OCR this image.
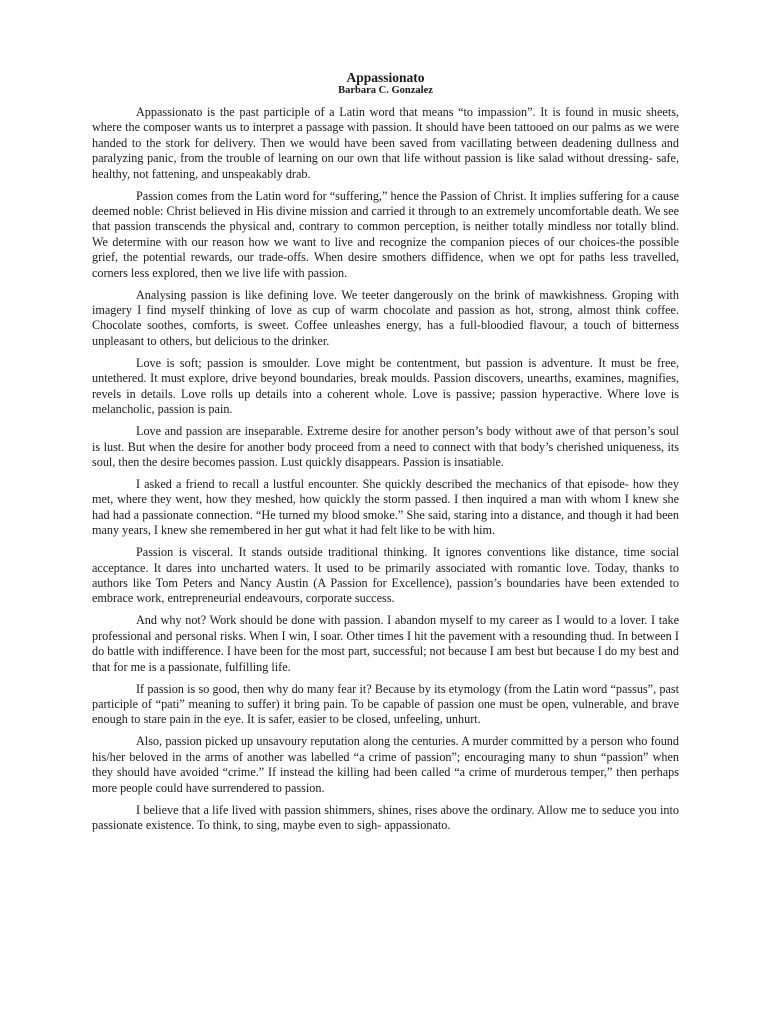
Appassionato
Barbara C. Gonzalez

Appassionato is the past participle of a Latin word that means “to impassion”. It is found in music sheets, where the composer wants us to interpret a passage with passion. It should have been tattooed on our palms as we were handed to the stork for delivery. Then we would have been saved from vacillating between deadening dullness and paralyzing panic, from the trouble of learning on our own that life without passion is like salad without dressing- safe, healthy, not fattening, and unspeakably drab.

Passion comes from the Latin word for “suffering,” hence the Passion of Christ. It implies suffering for a cause deemed noble: Christ believed in His divine mission and carried it through to an extremely uncomfortable death. We see that passion transcends the physical and, contrary to common perception, is neither totally mindless nor totally blind. We determine with our reason how we want to live and recognize the companion pieces of our choices-the possible grief, the potential rewards, our trade-offs. When desire smothers diffidence, when we opt for paths less travelled, corners less explored, then we live life with passion.

Analysing passion is like defining love. We teeter dangerously on the brink of mawkishness. Groping with imagery I find myself thinking of love as cup of warm chocolate and passion as hot, strong, almost think coffee. Chocolate soothes, comforts, is sweet. Coffee unleashes energy, has a full-bloodied flavour, a touch of bitterness unpleasant to others, but delicious to the drinker.

Love is soft; passion is smoulder. Love might be contentment, but passion is adventure. It must be free, untethered. It must explore, drive beyond boundaries, break moulds. Passion discovers, unearths, examines, magnifies, revels in details. Love rolls up details into a coherent whole. Love is passive; passion hyperactive. Where love is melancholic, passion is pain.

Love and passion are inseparable. Extreme desire for another person’s body without awe of that person’s soul is lust. But when the desire for another body proceed from a need to connect with that body’s cherished uniqueness, its soul, then the desire becomes passion. Lust quickly disappears. Passion is insatiable.

I asked a friend to recall a lustful encounter. She quickly described the mechanics of that episode- how they met, where they went, how they meshed, how quickly the storm passed. I then inquired a man with whom I knew she had had a passionate connection. “He turned my blood smoke.” She said, staring into a distance, and though it had been many years, I knew she remembered in her gut what it had felt like to be with him.

Passion is visceral. It stands outside traditional thinking. It ignores conventions like distance, time social acceptance. It dares into uncharted waters. It used to be primarily associated with romantic love. Today, thanks to authors like Tom Peters and Nancy Austin (A Passion for Excellence), passion’s boundaries have been extended to embrace work, entrepreneurial endeavours, corporate success.

And why not? Work should be done with passion. I abandon myself to my career as I would to a lover. I take professional and personal risks. When I win, I soar. Other times I hit the pavement with a resounding thud. In between I do battle with indifference. I have been for the most part, successful; not because I am best but because I do my best and that for me is a passionate, fulfilling life.

If passion is so good, then why do many fear it? Because by its etymology (from the Latin word “passus”, past participle of “pati” meaning to suffer) it bring pain. To be capable of passion one must be open, vulnerable, and brave enough to stare pain in the eye. It is safer, easier to be closed, unfeeling, unhurt.

Also, passion picked up unsavoury reputation along the centuries. A murder committed by a person who found his/her beloved in the arms of another was labelled “a crime of passion”; encouraging many to shun “passion” when they should have avoided “crime.” If instead the killing had been called “a crime of murderous temper,” then perhaps more people could have surrendered to passion.

I believe that a life lived with passion shimmers, shines, rises above the ordinary. Allow me to seduce you into passionate existence. To think, to sing, maybe even to sigh- appassionato.
